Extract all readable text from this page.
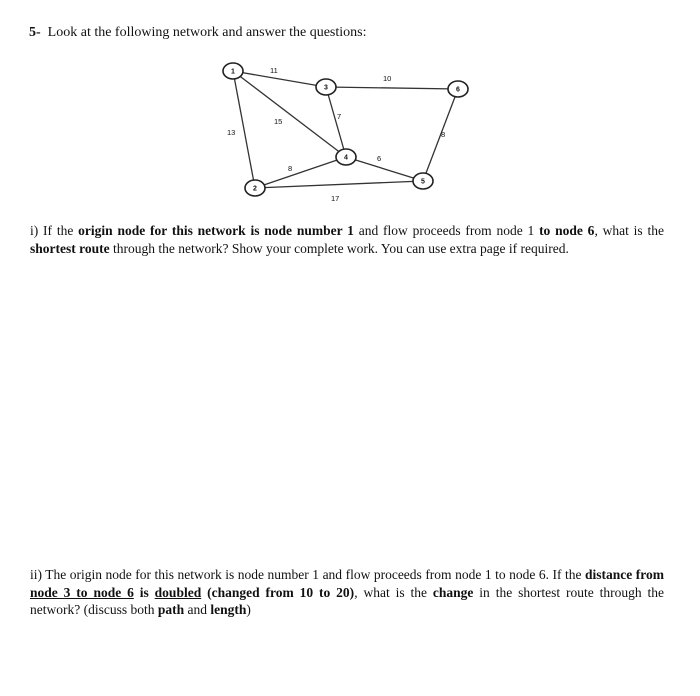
5- Look at the following network and answer the questions:
11
13
15
10
7
8
6
8
17
1
2
3
4
5
6
i) If the origin node for this network is node number 1 and flow proceeds from node 1 to node 6, what is the shortest route through the network? Show your complete work. You can use extra page if required.
ii) The origin node for this network is node number 1 and flow proceeds from node 1 to node 6. If the distance from node 3 to node 6 is doubled (changed from 10 to 20), what is the change in the shortest route through the network? (discuss both path and length)
